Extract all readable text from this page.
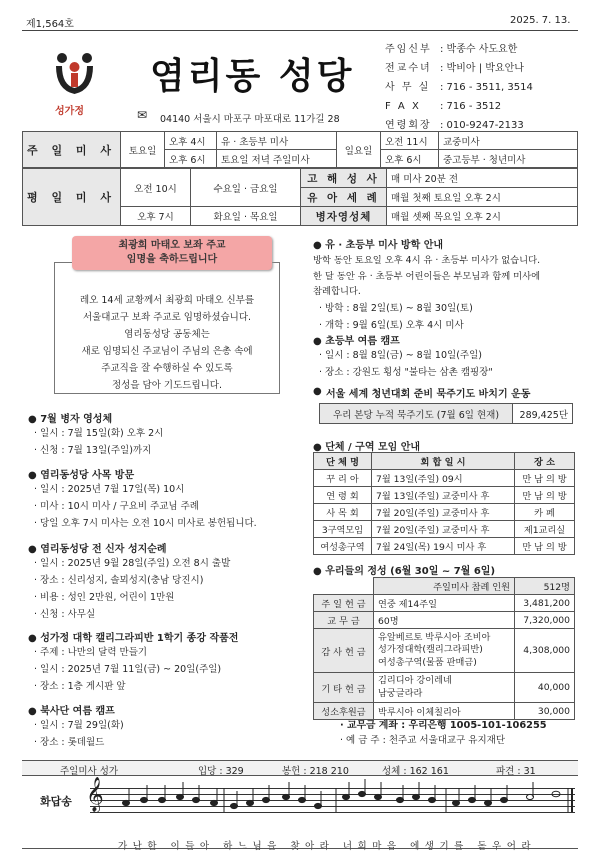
제1,564호	2025. 7. 13.
성가정
염리동 성당
✉ 04140 서울시 마포구 마포대로 11가길 28
주임신부 : 박종수 사도요한
전교수녀 : 박비아 | 박요안나
사 무 실 : 716 - 3511, 3514
F A X : 716 - 3512
연령회장 : 010-9247-2133
주 일 미 사	토요일	오후 4시	유 · 초등부 미사	일요일	오전 11시	교중미사
		오후 6시	토요일 저녁 주일미사		오후 6시	중고등부 · 청년미사
평 일 미 사	오전 10시	수요일 · 금요일	고 해 성 사	매 미사 20분 전
			유 아 세 례	매월 첫째 토요일 오후 2시
	오후 7시	화요일 · 목요일	병자영성체	매월 셋째 목요일 오후 2시
최광희 마태오 보좌 주교
임명을 축하드립니다
레오 14세 교황께서 최광희 마태오 신부를
서울대교구 보좌 주교로 임명하셨습니다.
염리동성당 공동체는
새로 임명되신 주교님이 주님의 은총 속에
주교직을 잘 수행하실 수 있도록
정성을 담아 기도드립니다.
● 7월 병자 영성체
· 일시 : 7월 15일(화) 오후 2시
· 신청 : 7월 13일(주일)까지
● 염리동성당 사목 방문
· 일시 : 2025년 7월 17일(목) 10시
· 미사 : 10시 미사 / 구요비 주교님 주례
· 당일 오후 7시 미사는 오전 10시 미사로 봉헌됩니다.
● 염리동성당 전 신자 성지순례
· 일시 : 2025년 9월 28일(주일) 오전 8시 출발
· 장소 : 신리성지, 솔뫼성지(충남 당진시)
· 비용 : 성인 2만원, 어린이 1만원
· 신청 : 사무실
● 성가정 대학 캘리그라피반 1학기 종강 작품전
· 주제 : 나만의 달력 만들기
· 일시 : 2025년 7월 11일(금) ~ 20일(주일)
· 장소 : 1층 게시판 앞
● 북사단 여름 캠프
· 일시 : 7월 29일(화)
· 장소 : 롯데월드
● 유 · 초등부 미사 방학 안내
방학 동안 토요일 오후 4시 유 · 초등부 미사가 없습니다.
한 달 동안 유 · 초등부 어린이들은 부모님과 함께 미사에
참례합니다.
· 방학 : 8월 2일(토) ~ 8월 30일(토)
· 개학 : 9월 6일(토) 오후 4시 미사
● 초등부 여름 캠프
· 일시 : 8월 8일(금) ~ 8월 10일(주일)
· 장소 : 강원도 횡성 "불타는 삼촌 캠핑장"
● 서울 세계 청년대회 준비 묵주기도 바치기 운동
우리 본당 누적 묵주기도 (7월 6일 현재)	289,425단
● 단체 / 구역 모임 안내
단 체 명	회 합 일 시	장 소
꾸 리 아	7월 13일(주일) 09시	만 남 의 방
연 령 회	7월 13일(주일) 교중미사 후	만 남 의 방
사 목 회	7월 20일(주일) 교중미사 후	카 페
3구역모임	7월 20일(주일) 교중미사 후	제1교리실
여성총구역	7월 24일(목) 19시 미사 후	만 남 의 방
● 우리들의 정성 (6월 30일 ~ 7월 6일)
	주일미사 참례 인원	512명
주 일 헌 금	연중 제14주일	3,481,200
교 무 금	60명	7,320,000
감 사 헌 금	유알베르토 박루시아 조비아
성가정대학(캘리그라피반)
여성총구역(물품 판매금)	4,308,000
기 타 헌 금	김리디아 강이레네
남궁글라라	40,000
성소후원금	박루시아 이체칠리아	30,000
· 교무금 계좌 : 우리은행 1005-101-106255
· 예 금 주 : 천주교 서울대교구 유지재단
주일미사 성가	입당 : 329	봉헌 : 218 210	성체 : 162 161	파견 : 31
화답송 𝄞
가난한 이들아 하느님을 찾아라 너희마음 에생기를 돋우어라
